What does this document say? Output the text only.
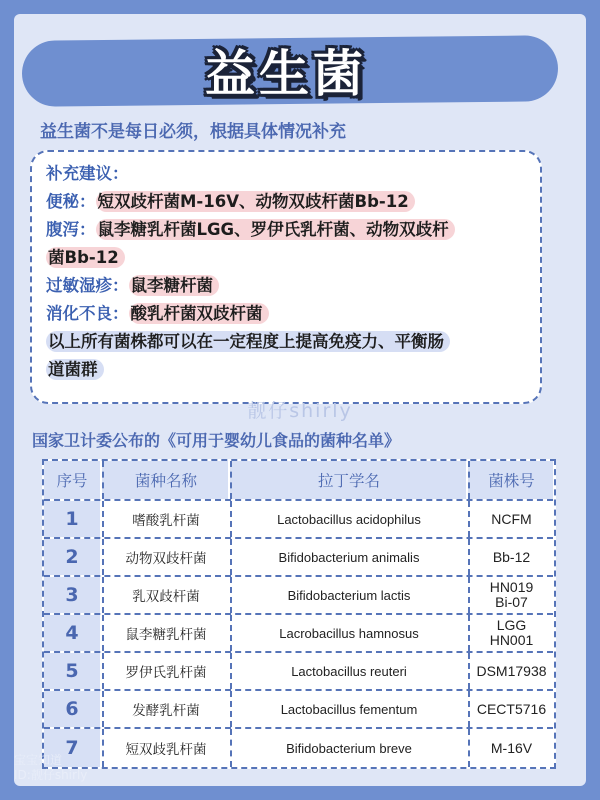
益生菌
益生菌不是每日必须，根据具体情况补充
补充建议：
便秘： 短双歧杆菌M-16V、动物双歧杆菌Bb-12
腹泻： 鼠李糖乳杆菌LGG、罗伊氏乳杆菌、动物双歧杆
菌Bb-12
过敏湿疹： 鼠李糖杆菌
消化不良： 酸乳杆菌双歧杆菌
以上所有菌株都可以在一定程度上提高免疫力、平衡肠
道菌群
靓仔shirly
国家卫计委公布的《可用于婴幼儿食品的菌种名单》
序号	菌种名称	拉丁学名	菌株号
1	嗜酸乳杆菌	Lactobacillus acidophilus	NCFM
2	动物双歧杆菌	Bifidobacterium animalis	Bb-12
3	乳双歧杆菌	Bifidobacterium lactis	HN019
Bi-07
4	鼠李糖乳杆菌	Lacrobacillus hamnosus	LGG
HN001
5	罗伊氏乳杆菌	Lactobacillus reuteri	DSM17938
6	发酵乳杆菌	Lactobacillus fementum	CECT5716
7	短双歧乳杆菌	Bifidobacterium breve	M-16V
宝宝知道
ID:靓仔shirly
